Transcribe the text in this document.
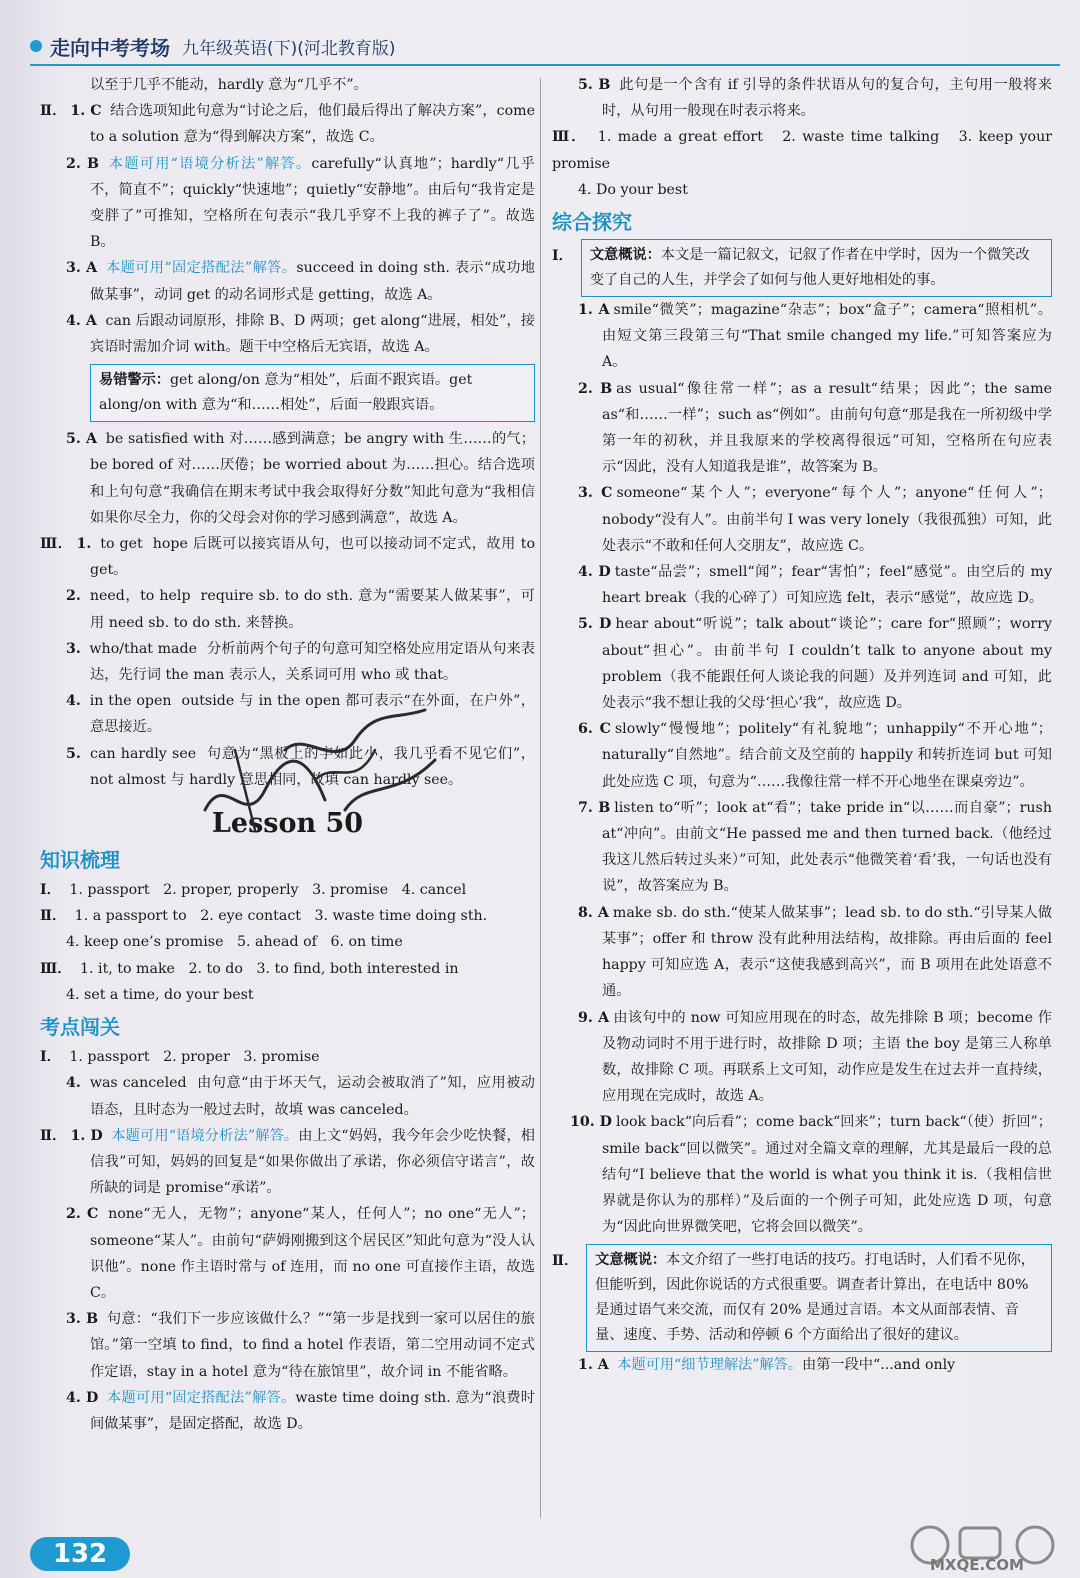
走向中考考场 九年级英语(下)(河北教育版)

以至于几乎不能动，hardly 意为“几乎不”。

Ⅱ． 1. C 结合选项知此句意为“讨论之后，他们最后得出了解决方案”，come to a solution 意为“得到解决方案”，故选 C。

2. B 本题可用“语境分析法”解答。carefully“认真地”；hardly“几乎不，简直不”；quickly“快速地”；quietly“安静地”。由后句“我肯定是变胖了”可推知，空格所在句表示“我几乎穿不上我的裤子了”。故选 B。

3. A 本题可用“固定搭配法”解答。succeed in doing sth. 表示“成功地做某事”，动词 get 的动名词形式是 getting，故选 A。

4. A can 后跟动词原形，排除 B、D 两项；get along“进展，相处”，接宾语时需加介词 with。题干中空格后无宾语，故选 A。

易错警示：get along/on 意为“相处”，后面不跟宾语。get along/on with 意为“和……相处”，后面一般跟宾语。

5. A be satisfied with 对……感到满意；be angry with 生……的气；be bored of 对……厌倦；be worried about 为……担心。结合选项和上句句意“我确信在期末考试中我会取得好分数”知此句意为“我相信如果你尽全力，你的父母会对你的学习感到满意”，故选 A。

Ⅲ． 1. to get hope 后既可以接宾语从句，也可以接动词不定式，故用 to get。

2. need，to help require sb. to do sth. 意为“需要某人做某事”，可用 need sb. to do sth. 来替换。

3. who/that made 分析前两个句子的句意可知空格处应用定语从句来表达，先行词 the man 表示人，关系词可用 who 或 that。

4. in the open outside 与 in the open 都可表示“在外面，在户外”，意思接近。

5. can hardly see 句意为“黑板上的字如此小，我几乎看不见它们”，not almost 与 hardly 意思相同，故填 can hardly see。

Lesson 50
知识梳理

Ⅰ． 1. passport 2. proper, properly 3. promise 4. cancel

Ⅱ． 1. a passport to 2. eye contact 3. waste time doing sth.

4. keep one’s promise 5. ahead of 6. on time

Ⅲ． 1. it, to make 2. to do 3. to find, both interested in

4. set a time, do your best

考点闯关

Ⅰ． 1. passport 2. proper 3. promise

4. was canceled 由句意“由于坏天气，运动会被取消了”知，应用被动语态，且时态为一般过去时，故填 was canceled。

Ⅱ． 1. D 本题可用“语境分析法”解答。由上文“妈妈，我今年会少吃快餐，相信我”可知，妈妈的回复是“如果你做出了承诺，你必须信守诺言”，故所缺的词是 promise“承诺”。

2. C none“无人，无物”；anyone“某人，任何人”；no one“无人”；someone“某人”。由前句“萨姆刚搬到这个居民区”知此句意为“没人认识他”。none 作主语时常与 of 连用，而 no one 可直接作主语，故选 C。

3. B 句意：“我们下一步应该做什么？”“第一步是找到一家可以居住的旅馆。”第一空填 to find，to find a hotel 作表语，第二空用动词不定式作定语，stay in a hotel 意为“待在旅馆里”，故介词 in 不能省略。

4. D 本题可用“固定搭配法”解答。waste time doing sth. 意为“浪费时间做某事”，是固定搭配，故选 D。

5. B 此句是一个含有 if 引导的条件状语从句的复合句，主句用一般将来时，从句用一般现在时表示将来。

Ⅲ． 1. made a great effort 2. waste time talking 3. keep your promise

4. Do your best

综合探究
Ⅰ．	文意概说：本文是一篇记叙文，记叙了作者在中学时，因为一个微笑改变了自己的人生，并学会了如何与他人更好地相处的事。

1. A smile“微笑”；magazine“杂志”；box“盒子”；camera“照相机”。由短文第三段第三句“That smile changed my life.”可知答案应为 A。

2. B as usual“像往常一样”；as a result“结果；因此”；the same as“和……一样”；such as“例如”。由前句句意“那是我在一所初级中学第一年的初秋，并且我原来的学校离得很远”可知，空格所在句应表示“因此，没有人知道我是谁”，故答案为 B。

3. C someone“某个人”；everyone“每个人”；anyone“任何人”；nobody“没有人”。由前半句 I was very lonely（我很孤独）可知，此处表示“不敢和任何人交朋友”，故应选 C。

4. D taste“品尝”；smell“闻”；fear“害怕”；feel“感觉”。由空后的 my heart break（我的心碎了）可知应选 felt，表示“感觉”，故应选 D。

5. D hear about“听说”；talk about“谈论”；care for“照顾”；worry about“担心”。由前半句 I couldn’t talk to anyone about my problem（我不能跟任何人谈论我的问题）及并列连词 and 可知，此处表示“我不想让我的父母‘担心’我”，故应选 D。

6. C slowly“慢慢地”；politely“有礼貌地”；unhappily“不开心地”；naturally“自然地”。结合前文及空前的 happily 和转折连词 but 可知此处应选 C 项，句意为“……我像往常一样不开心地坐在课桌旁边”。

7. B listen to“听”；look at“看”；take pride in“以……而自豪”；rush at“冲向”。由前文“He passed me and then turned back.（他经过我这儿然后转过头来）”可知，此处表示“他微笑着‘看’我，一句话也没有说”，故答案应为 B。

8. A make sb. do sth.“使某人做某事”；lead sb. to do sth.“引导某人做某事”；offer 和 throw 没有此种用法结构，故排除。再由后面的 feel happy 可知应选 A，表示“这使我感到高兴”，而 B 项用在此处语意不通。

9. A 由该句中的 now 可知应用现在的时态，故先排除 B 项；become 作及物动词时不用于进行时，故排除 D 项；主语 the boy 是第三人称单数，故排除 C 项。再联系上文可知，动作应是发生在过去并一直持续，应用现在完成时，故选 A。

10. D look back“向后看”；come back“回来”；turn back“（使）折回”；smile back“回以微笑”。通过对全篇文章的理解，尤其是最后一段的总结句“I believe that the world is what you think it is.（我相信世界就是你认为的那样）”及后面的一个例子可知，此处应选 D 项，句意为“因此向世界微笑吧，它将会回以微笑”。

Ⅱ．	文意概说：本文介绍了一些打电话的技巧。打电话时，人们看不见你，但能听到，因此你说话的方式很重要。调查者计算出，在电话中 80% 是通过语气来交流，而仅有 20% 是通过言语。本文从面部表情、音量、速度、手势、活动和停顿 6 个方面给出了很好的建议。

1. A 本题可用“细节理解法”解答。由第一段中“...and only

132	MXQE.COM
